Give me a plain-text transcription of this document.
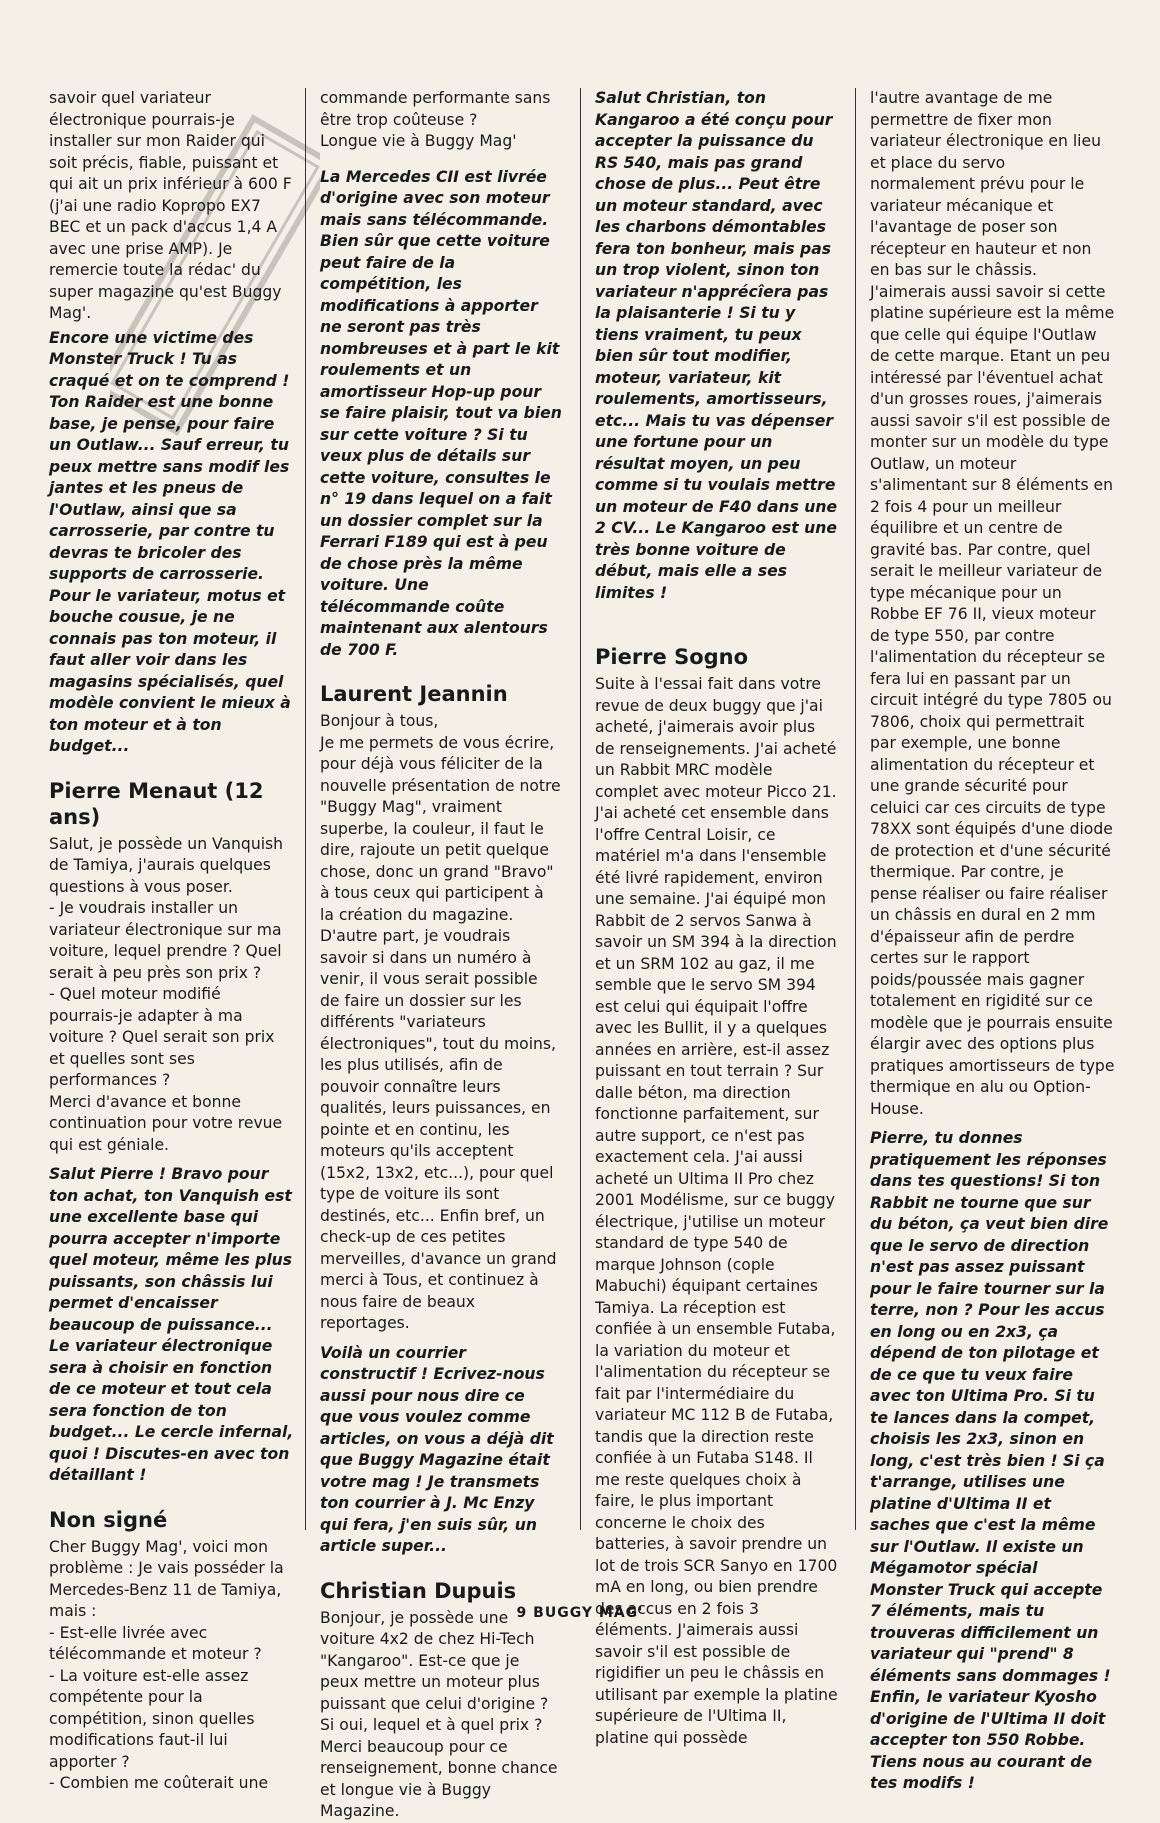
savoir quel variateur électronique pourrais-je installer sur mon Raider qui soit précis, fiable, puissant et qui ait un prix inférieur à 600 F (j'ai une radio Kopropo EX7 BEC et un pack d'accus 1,4 A avec une prise AMP). Je remercie toute la rédac' du super magazine qu'est Buggy Mag'.

Encore une victime des Monster Truck ! Tu as craqué et on te comprend ! Ton Raider est une bonne base, je pense, pour faire un Outlaw... Sauf erreur, tu peux mettre sans modif les jantes et les pneus de l'Outlaw, ainsi que sa carrosserie, par contre tu devras te bricoler des supports de carrosserie. Pour le variateur, motus et bouche cousue, je ne connais pas ton moteur, il faut aller voir dans les magasins spécialisés, quel modèle convient le mieux à ton moteur et à ton budget...

Pierre Menaut (12 ans)

Salut, je possède un Vanquish de Tamiya, j'aurais quelques questions à vous poser.

- Je voudrais installer un variateur électronique sur ma voiture, lequel prendre ? Quel serait à peu près son prix ?

- Quel moteur modifié pourrais-je adapter à ma voiture ? Quel serait son prix et quelles sont ses performances ?

Merci d'avance et bonne continuation pour votre revue qui est géniale.

Salut Pierre ! Bravo pour ton achat, ton Vanquish est une excellente base qui pourra accepter n'importe quel moteur, même les plus puissants, son châssis lui permet d'encaisser beaucoup de puissance... Le variateur électronique sera à choisir en fonction de ce moteur et tout cela sera fonction de ton budget... Le cercle infernal, quoi ! Discutes-en avec ton détaillant !

Non signé

Cher Buggy Mag', voici mon problème : Je vais posséder la Mercedes-Benz 11 de Tamiya, mais :

- Est-elle livrée avec télécommande et moteur ?

- La voiture est-elle assez compétente pour la compétition, sinon quelles modifications faut-il lui apporter ?

- Combien me coûterait une

commande performante sans être trop coûteuse ?

Longue vie à Buggy Mag'

La Mercedes CII est livrée d'origine avec son moteur mais sans télécommande. Bien sûr que cette voiture peut faire de la compétition, les modifications à apporter ne seront pas très nombreuses et à part le kit roulements et un amortisseur Hop-up pour se faire plaisir, tout va bien sur cette voiture ? Si tu veux plus de détails sur cette voiture, consultes le n° 19 dans lequel on a fait un dossier complet sur la Ferrari F189 qui est à peu de chose près la même voiture. Une télécommande coûte maintenant aux alentours de 700 F.

Laurent Jeannin

Bonjour à tous,

Je me permets de vous écrire, pour déjà vous féliciter de la nouvelle présentation de notre "Buggy Mag", vraiment superbe, la couleur, il faut le dire, rajoute un petit quelque chose, donc un grand "Bravo" à tous ceux qui participent à la création du magazine.

D'autre part, je voudrais savoir si dans un numéro à venir, il vous serait possible de faire un dossier sur les différents "variateurs électroniques", tout du moins, les plus utilisés, afin de pouvoir connaître leurs qualités, leurs puissances, en pointe et en continu, les moteurs qu'ils acceptent (15x2, 13x2, etc...), pour quel type de voiture ils sont destinés, etc... Enfin bref, un check-up de ces petites merveilles, d'avance un grand merci à Tous, et continuez à nous faire de beaux reportages.

Voilà un courrier constructif ! Ecrivez-nous aussi pour nous dire ce que vous voulez comme articles, on vous a déjà dit que Buggy Magazine était votre mag ! Je transmets ton courrier à J. Mc Enzy qui fera, j'en suis sûr, un article super...

Christian Dupuis

Bonjour, je possède une voiture 4x2 de chez Hi-Tech "Kangaroo". Est-ce que je peux mettre un moteur plus puissant que celui d'origine ? Si oui, lequel et à quel prix ? Merci beaucoup pour ce renseignement, bonne chance et longue vie à Buggy Magazine.

Salut Christian, ton Kangaroo a été conçu pour accepter la puissance du RS 540, mais pas grand chose de plus... Peut être un moteur standard, avec les charbons démontables fera ton bonheur, mais pas un trop violent, sinon ton variateur n'apprécîera pas la plaisanterie ! Si tu y tiens vraiment, tu peux bien sûr tout modifier, moteur, variateur, kit roulements, amortisseurs, etc... Mais tu vas dépenser une fortune pour un résultat moyen, un peu comme si tu voulais mettre un moteur de F40 dans une 2 CV... Le Kangaroo est une très bonne voiture de début, mais elle a ses limites !

Pierre Sogno

Suite à l'essai fait dans votre revue de deux buggy que j'ai acheté, j'aimerais avoir plus de renseignements. J'ai acheté un Rabbit MRC modèle complet avec moteur Picco 21. J'ai acheté cet ensemble dans l'offre Central Loisir, ce matériel m'a dans l'ensemble été livré rapidement, environ une semaine. J'ai équipé mon Rabbit de 2 servos Sanwa à savoir un SM 394 à la direction et un SRM 102 au gaz, il me semble que le servo SM 394 est celui qui équipait l'offre avec les Bullit, il y a quelques années en arrière, est-il assez puissant en tout terrain ? Sur dalle béton, ma direction fonctionne parfaitement, sur autre support, ce n'est pas exactement cela. J'ai aussi acheté un Ultima II Pro chez 2001 Modélisme, sur ce buggy électrique, j'utilise un moteur standard de type 540 de marque Johnson (cople Mabuchi) équipant certaines Tamiya. La réception est confiée à un ensemble Futaba, la variation du moteur et l'alimentation du récepteur se fait par l'intermédiaire du variateur MC 112 B de Futaba, tandis que la direction reste confiée à un Futaba S148. Il me reste quelques choix à faire, le plus important concerne le choix des batteries, à savoir prendre un lot de trois SCR Sanyo en 1700 mA en long, ou bien prendre des accus en 2 fois 3 éléments. J'aimerais aussi savoir s'il est possible de rigidifier un peu le châssis en utilisant par exemple la platine supérieure de l'Ultima II, platine qui possède

l'autre avantage de me permettre de fixer mon variateur électronique en lieu et place du servo normalement prévu pour le variateur mécanique et l'avantage de poser son récepteur en hauteur et non en bas sur le châssis. J'aimerais aussi savoir si cette platine supérieure est la même que celle qui équipe l'Outlaw de cette marque. Etant un peu intéressé par l'éventuel achat d'un grosses roues, j'aimerais aussi savoir s'il est possible de monter sur un modèle du type Outlaw, un moteur s'alimentant sur 8 éléments en 2 fois 4 pour un meilleur équilibre et un centre de gravité bas. Par contre, quel serait le meilleur variateur de type mécanique pour un Robbe EF 76 II, vieux moteur de type 550, par contre l'alimentation du récepteur se fera lui en passant par un circuit intégré du type 7805 ou 7806, choix qui permettrait par exemple, une bonne alimentation du récepteur et une grande sécurité pour celuici car ces circuits de type 78XX sont équipés d'une diode de protection et d'une sécurité thermique. Par contre, je pense réaliser ou faire réaliser un châssis en dural en 2 mm d'épaisseur afin de perdre certes sur le rapport poids/poussée mais gagner totalement en rigidité sur ce modèle que je pourrais ensuite élargir avec des options plus pratiques amortisseurs de type thermique en alu ou Option-House.

Pierre, tu donnes pratiquement les réponses dans tes questions! Si ton Rabbit ne tourne que sur du béton, ça veut bien dire que le servo de direction n'est pas assez puissant pour le faire tourner sur la terre, non ? Pour les accus en long ou en 2x3, ça dépend de ton pilotage et de ce que tu veux faire avec ton Ultima Pro. Si tu te lances dans la compet, choisis les 2x3, sinon en long, c'est très bien ! Si ça t'arrange, utilises une platine d'Ultima II et saches que c'est la même sur l'Outlaw. Il existe un Mégamotor spécial Monster Truck qui accepte 7 éléments, mais tu trouveras difficilement un variateur qui "prend" 8 éléments sans dommages ! Enfin, le variateur Kyosho d'origine de l'Ultima II doit accepter ton 550 Robbe. Tiens nous au courant de tes modifs !

9 BUGGY MAG'
